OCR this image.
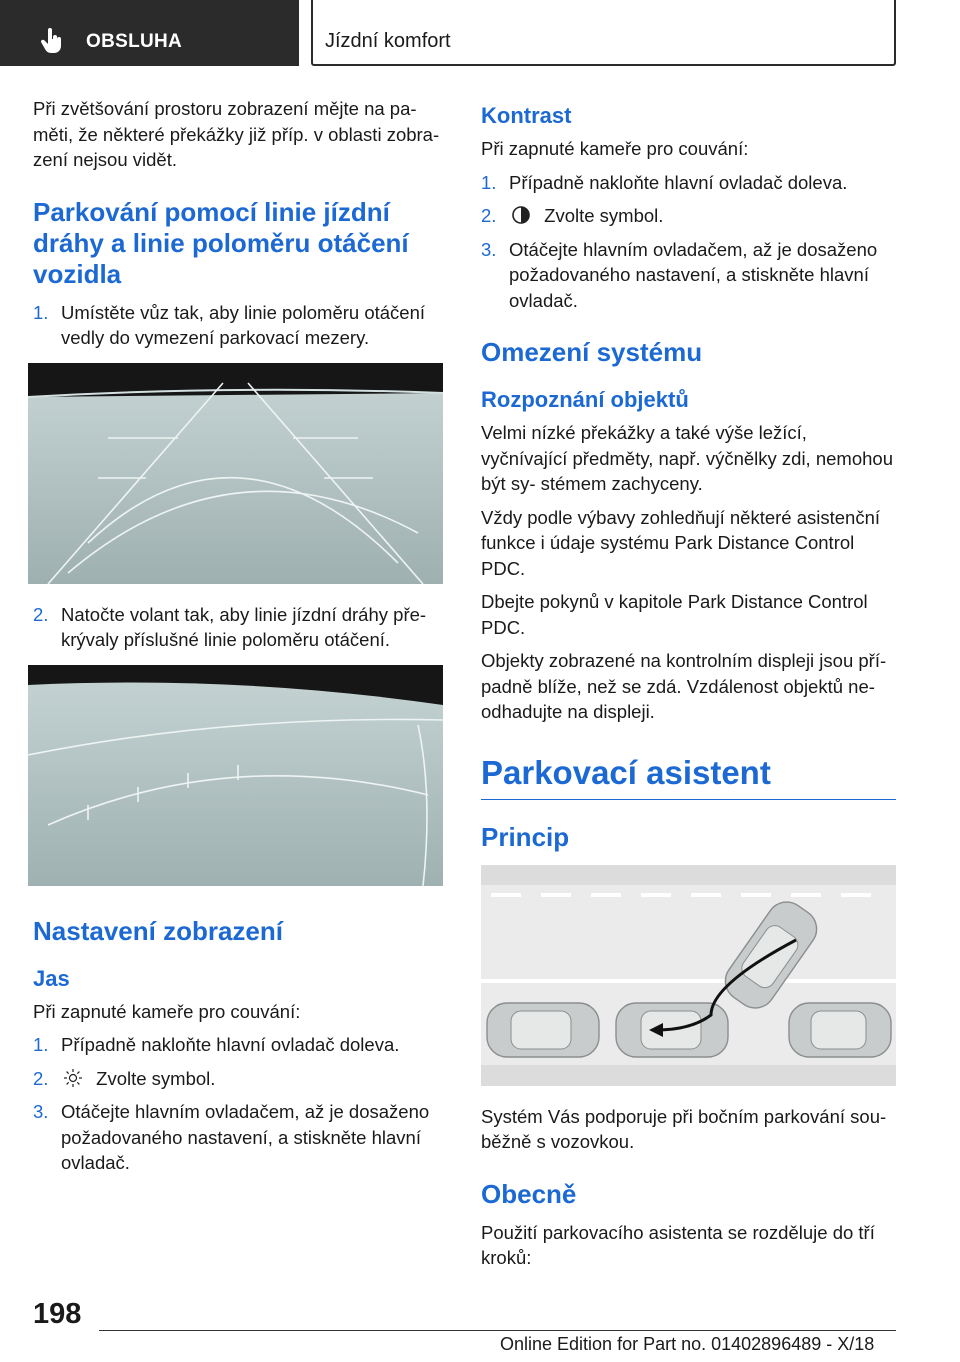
OBSLUHA	Jízdní komfort

Při zvětšování prostoru zobrazení mějte na pa‐ měti, že některé překážky již příp. v oblasti zobra‐ zení nejsou vidět.

Parkování pomocí linie jízdní dráhy a linie poloměru otáčení vozidla
1. Umístěte vůz tak, aby linie poloměru otáčení vedly do vymezení parkovací mezery.
2. Natočte volant tak, aby linie jízdní dráhy pře‐ krývaly příslušné linie poloměru otáčení.
Nastavení zobrazení
Jas

Při zapnuté kameře pro couvání:

1. Případně nakloňte hlavní ovladač doleva.
2.	Zvolte symbol.
3. Otáčejte hlavním ovladačem, až je dosaženo požadovaného nastavení, a stiskněte hlavní ovladač.
Kontrast

Při zapnuté kameře pro couvání:

1. Případně nakloňte hlavní ovladač doleva.
2.	Zvolte symbol.
3. Otáčejte hlavním ovladačem, až je dosaženo požadovaného nastavení, a stiskněte hlavní ovladač.
Omezení systému
Rozpoznání objektů

Velmi nízké překážky a také výše ležící, vyčnívající předměty, např. výčnělky zdi, nemohou být sy‐ stémem zachyceny.

Vždy podle výbavy zohledňují některé asistenční funkce i údaje systému Park Distance Control PDC.

Dbejte pokynů v kapitole Park Distance Control PDC.

Objekty zobrazené na kontrolním displeji jsou pří‐ padně blíže, než se zdá. Vzdálenost objektů ne‐ odhadujte na displeji.

Parkovací asistent
Princip

Systém Vás podporuje při bočním parkování sou‐ běžně s vozovkou.

Obecně

Použití parkovacího asistenta se rozděluje do tří kroků:

198
Online Edition for Part no. 01402896489 - X/18
